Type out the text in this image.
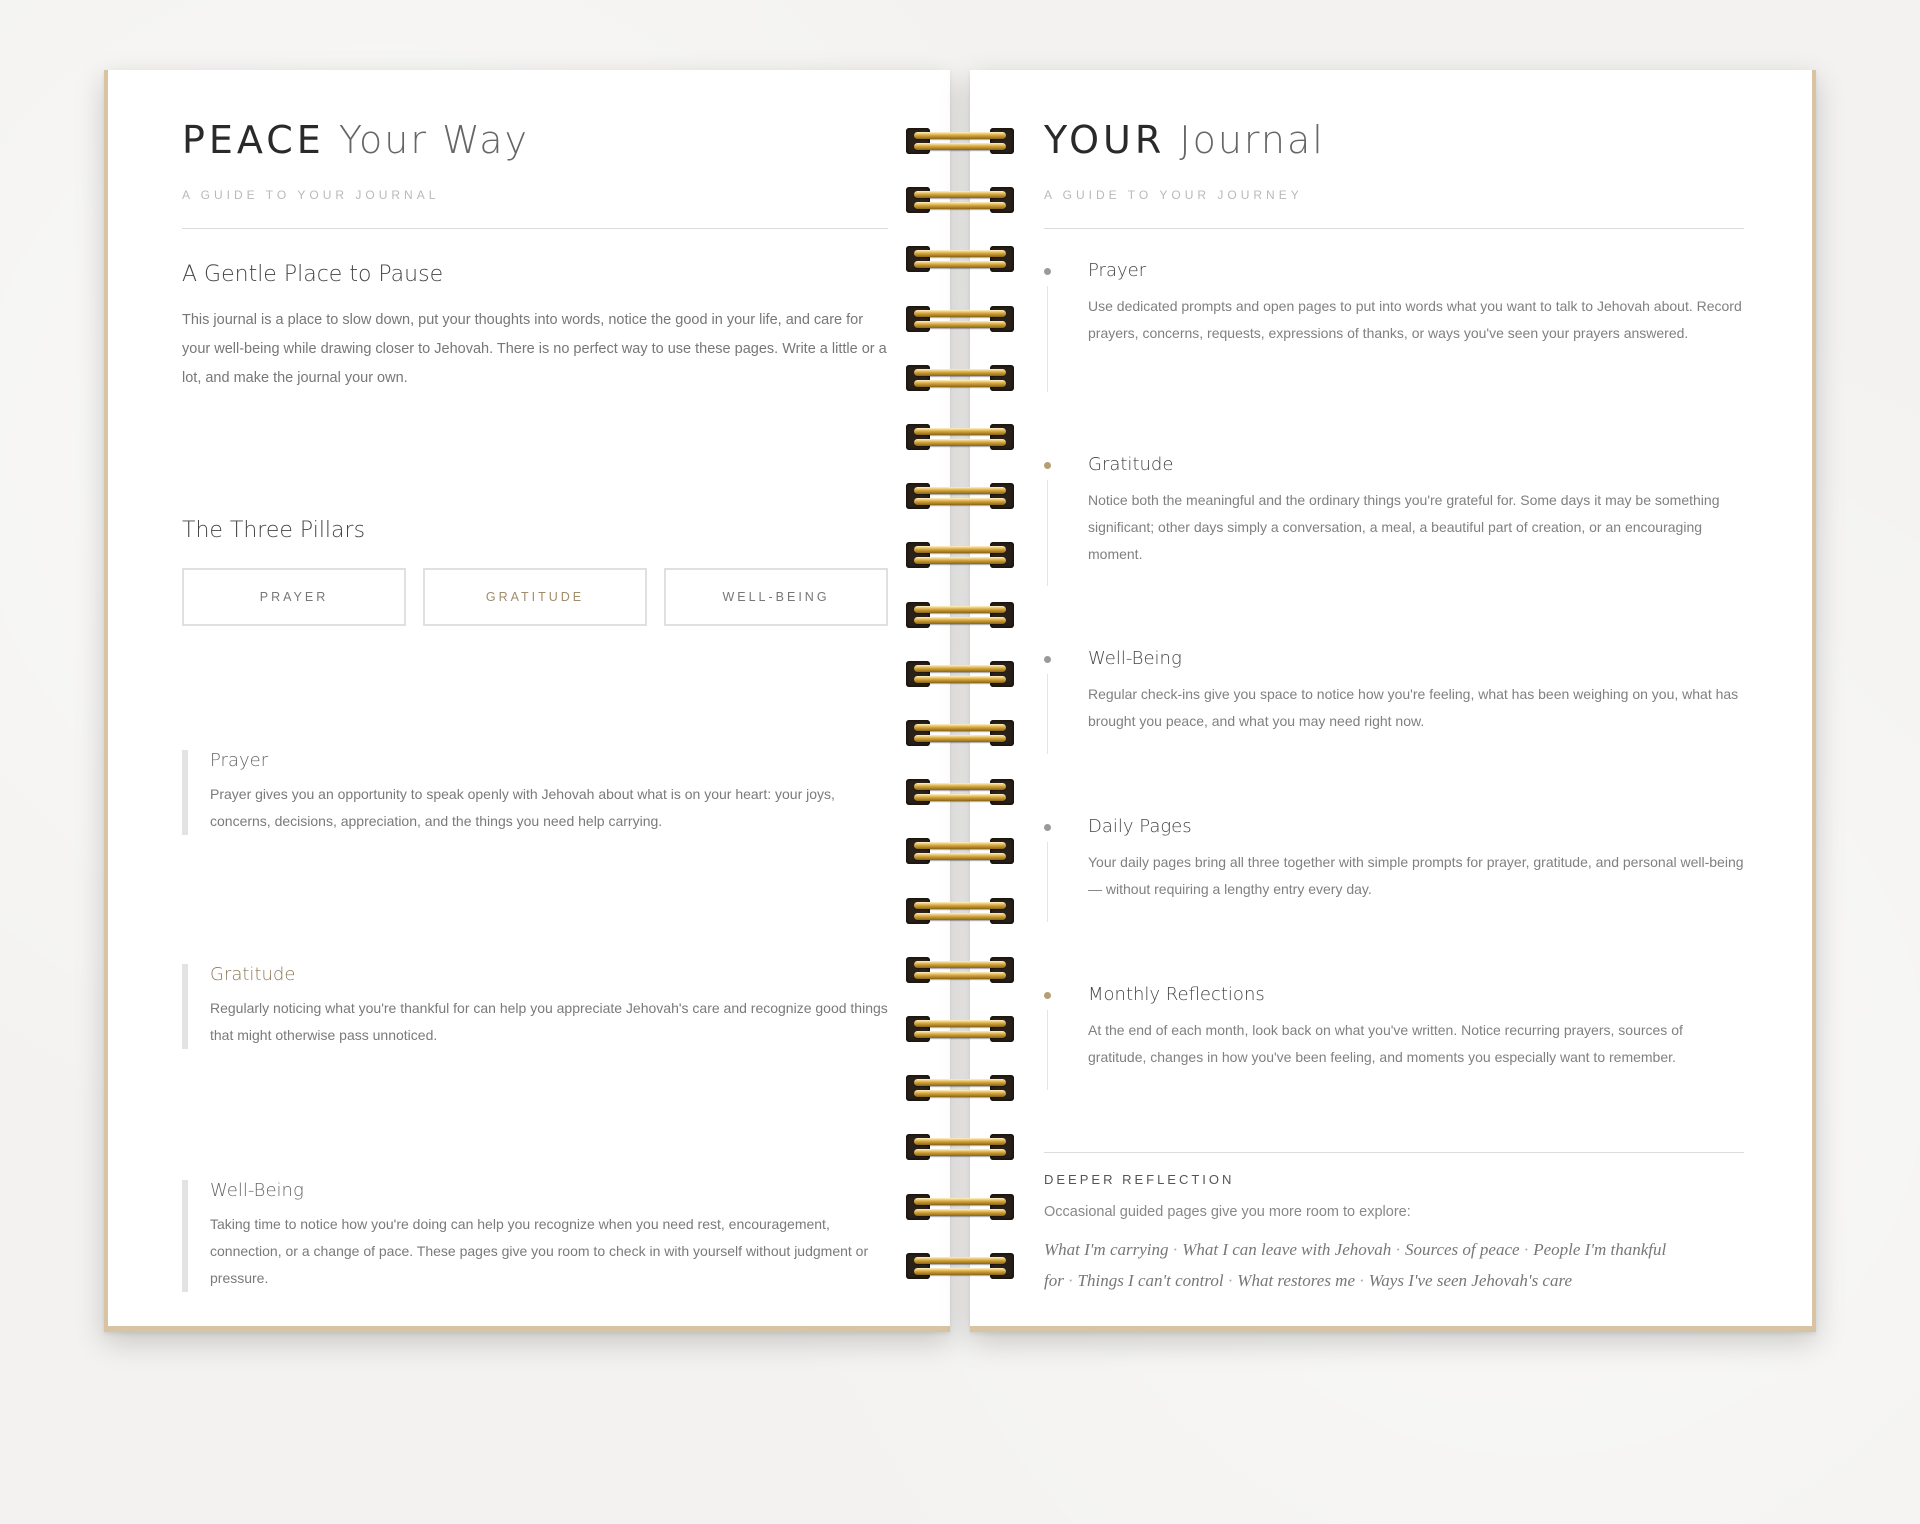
PEACE Your Way
A GUIDE TO YOUR JOURNAL
A Gentle Place to Pause
This journal is a place to slow down, put your thoughts into words, notice the good in your life, and care for your well-being while drawing closer to Jehovah. There is no perfect way to use these pages. Write a little or a lot, and make the journal your own.
The Three Pillars
PRAYER	GRATITUDE	WELL-BEING
Prayer
Prayer gives you an opportunity to speak openly with Jehovah about what is on your heart: your joys, concerns, decisions, appreciation, and the things you need help carrying.
Gratitude
Regularly noticing what you're thankful for can help you appreciate Jehovah's care and recognize good things that might otherwise pass unnoticed.
Well-Being
Taking time to notice how you're doing can help you recognize when you need rest, encouragement, connection, or a change of pace. These pages give you room to check in with yourself without judgment or pressure.
YOUR Journal
A GUIDE TO YOUR JOURNEY
Prayer
Use dedicated prompts and open pages to put into words what you want to talk to Jehovah about. Record prayers, concerns, requests, expressions of thanks, or ways you've seen your prayers answered.
Gratitude
Notice both the meaningful and the ordinary things you're grateful for. Some days it may be something significant; other days simply a conversation, a meal, a beautiful part of creation, or an encouraging moment.
Well-Being
Regular check-ins give you space to notice how you're feeling, what has been weighing on you, what has brought you peace, and what you may need right now.
Daily Pages
Your daily pages bring all three together with simple prompts for prayer, gratitude, and personal well-being — without requiring a lengthy entry every day.
Monthly Reflections
At the end of each month, look back on what you've written. Notice recurring prayers, sources of gratitude, changes in how you've been feeling, and moments you especially want to remember.
DEEPER REFLECTION
Occasional guided pages give you more room to explore:
What I'm carrying · What I can leave with Jehovah · Sources of peace · People I'm thankful for · Things I can't control · What restores me · Ways I've seen Jehovah's care
